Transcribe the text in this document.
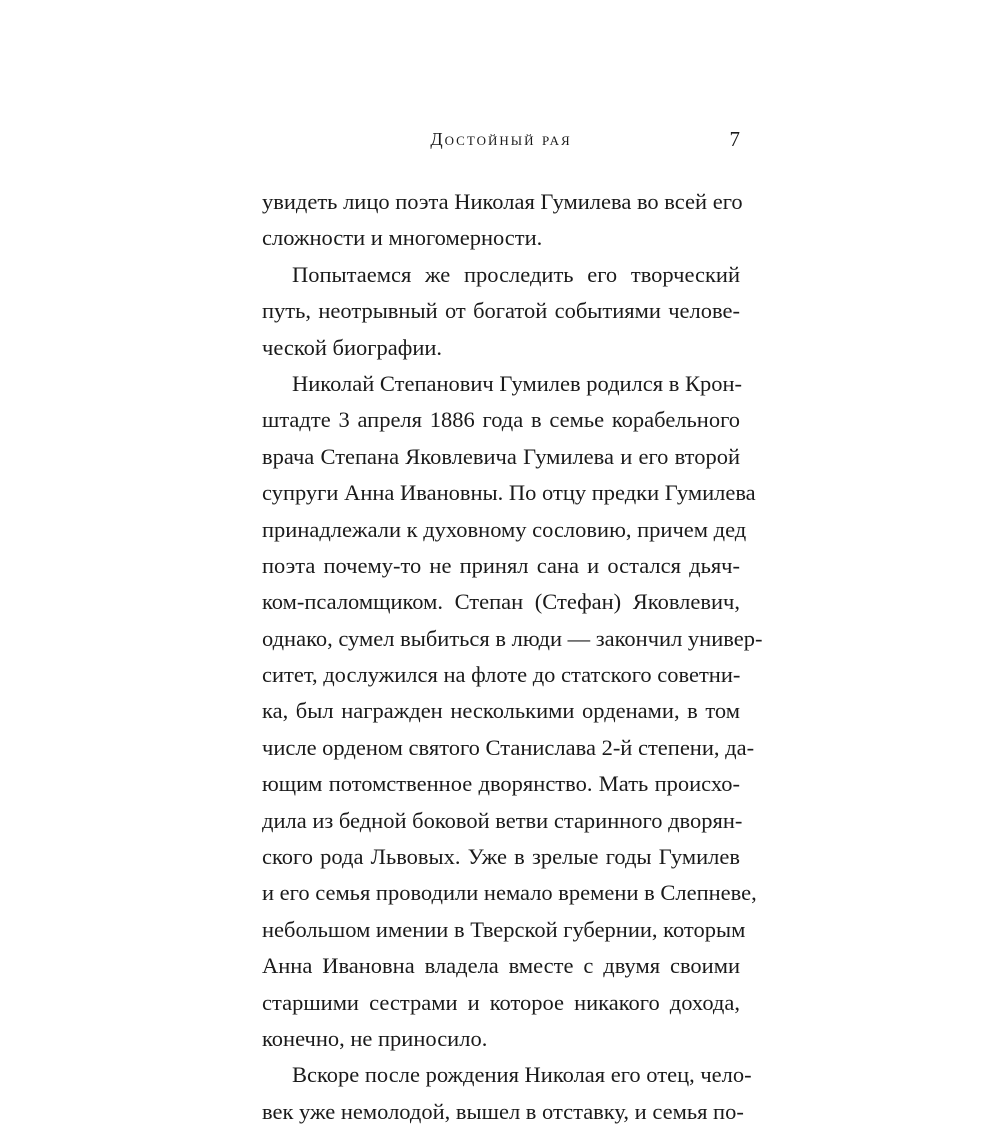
Достойный рая	7
увидеть лицо поэта Николая Гумилева во всей его
сложности и многомерности.
Попытаемся же проследить его творческий
путь, неотрывный от богатой событиями челове-
ческой биографии.
Николай Степанович Гумилев родился в Крон-
штадте 3 апреля 1886 года в семье корабельного
врача Степана Яковлевича Гумилева и его второй
супруги Анна Ивановны. По отцу предки Гумилева
принадлежали к духовному сословию, причем дед
поэта почему-то не принял сана и остался дьяч-
ком-псаломщиком. Степан (Стефан) Яковлевич,
однако, сумел выбиться в люди — закончил универ-
ситет, дослужился на флоте до статского советни-
ка, был награжден несколькими орденами, в том
числе орденом святого Станислава 2-й степени, да-
ющим потомственное дворянство. Мать происхо-
дила из бедной боковой ветви старинного дворян-
ского рода Львовых. Уже в зрелые годы Гумилев
и его семья проводили немало времени в Слепневе,
небольшом имении в Тверской губернии, которым
Анна Ивановна владела вместе с двумя своими
старшими сестрами и которое никакого дохода,
конечно, не приносило.
Вскоре после рождения Николая его отец, чело-
век уже немолодой, вышел в отставку, и семья по-
